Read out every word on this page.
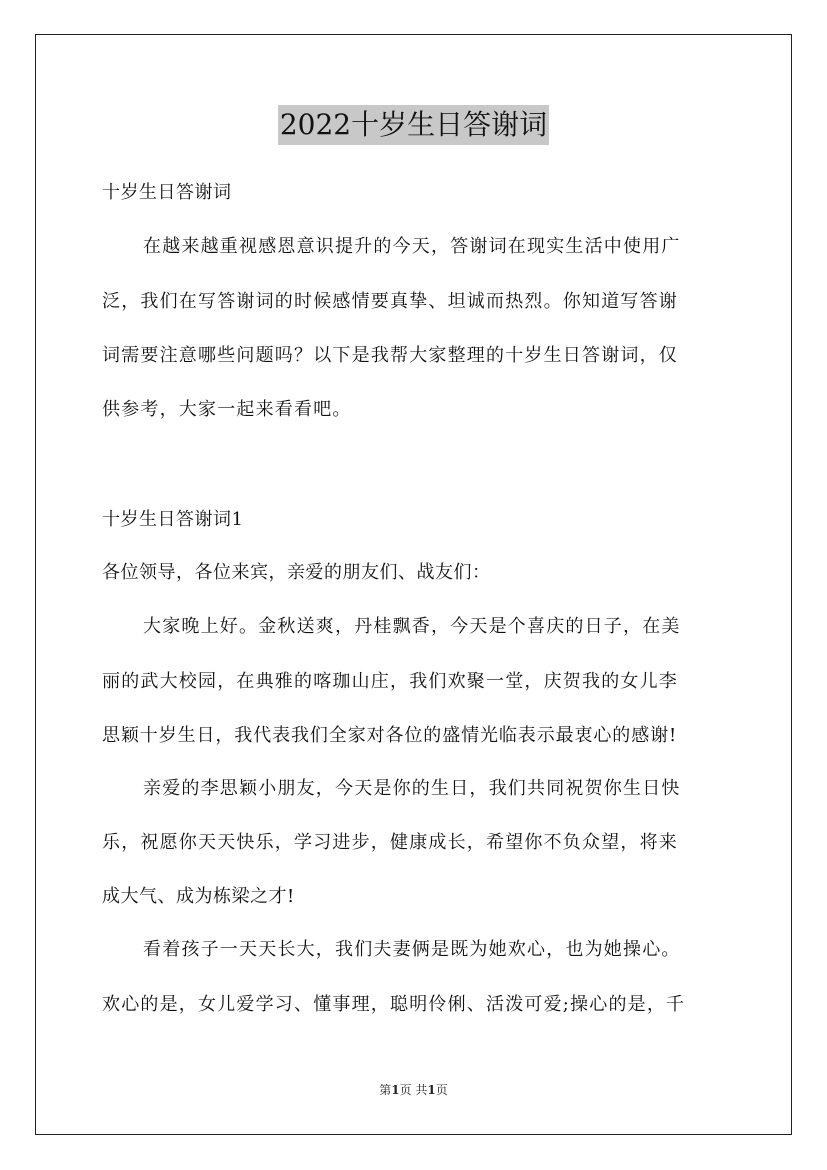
2022十岁生日答谢词
十岁生日答谢词
在越来越重视感恩意识提升的今天，答谢词在现实生活中使用广
泛，我们在写答谢词的时候感情要真挚、坦诚而热烈。你知道写答谢
词需要注意哪些问题吗？以下是我帮大家整理的十岁生日答谢词，仅
供参考，大家一起来看看吧。
十岁生日答谢词1
各位领导，各位来宾，亲爱的朋友们、战友们：
大家晚上好。金秋送爽，丹桂飘香，今天是个喜庆的日子，在美
丽的武大校园，在典雅的喀珈山庄，我们欢聚一堂，庆贺我的女儿李
思颖十岁生日，我代表我们全家对各位的盛情光临表示最衷心的感谢!
亲爱的李思颖小朋友，今天是你的生日，我们共同祝贺你生日快
乐，祝愿你天天快乐，学习进步，健康成长，希望你不负众望，将来
成大气、成为栋梁之才!
看着孩子一天天长大，我们夫妻俩是既为她欢心，也为她操心。
欢心的是，女儿爱学习、懂事理，聪明伶俐、活泼可爱;操心的是，千
第1页 共1页
